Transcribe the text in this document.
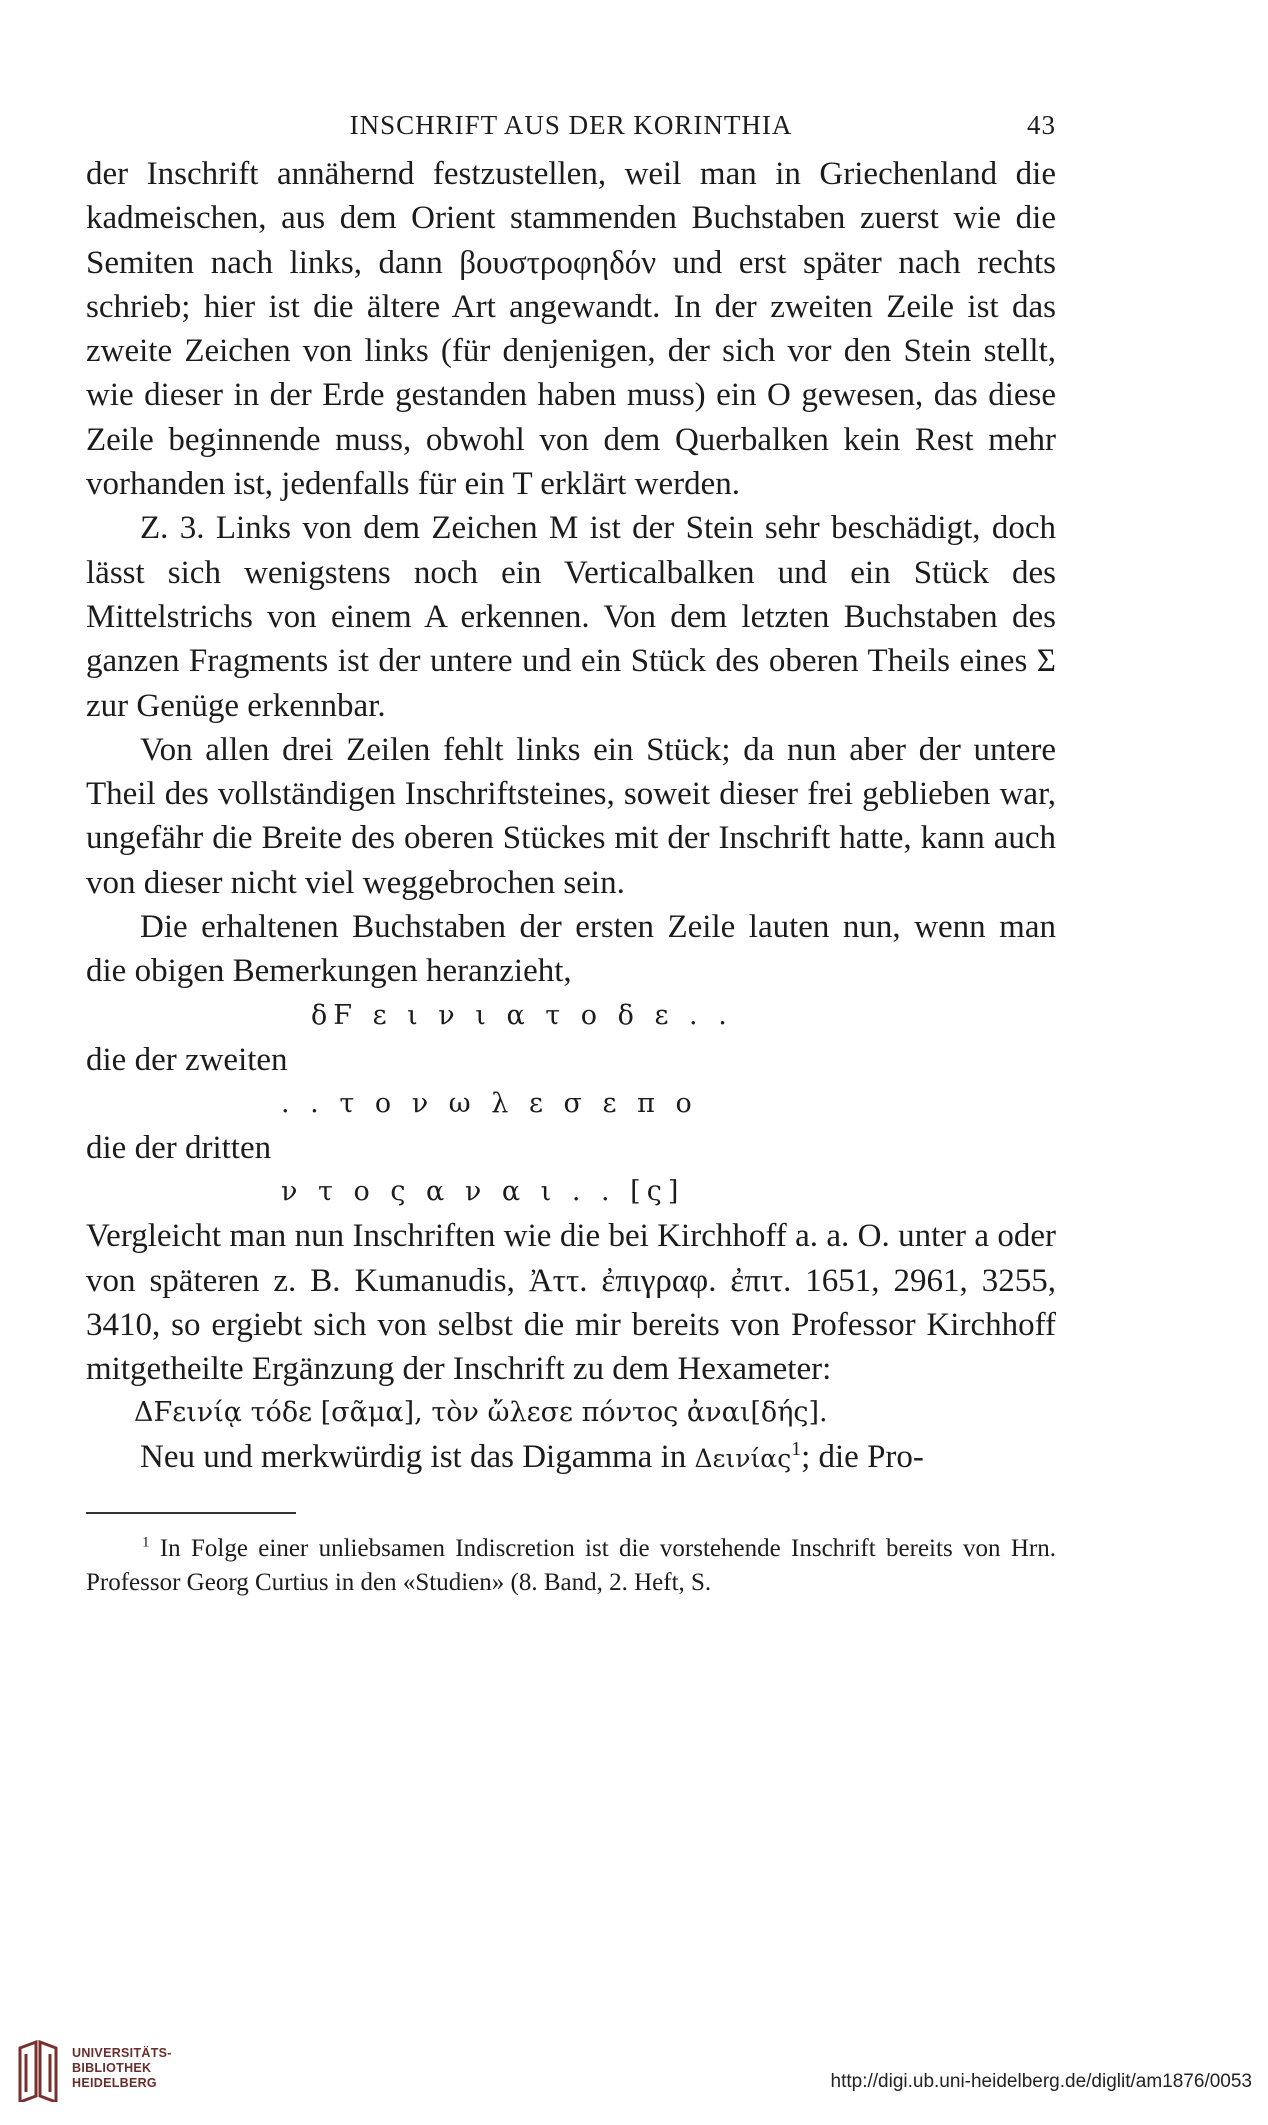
INSCHRIFT AUS DER KORINTHIA	43

der Inschrift annähernd festzustellen, weil man in Griechenland die kadmeischen, aus dem Orient stammenden Buchstaben zuerst wie die Semiten nach links, dann βουστροφηδόν und erst später nach rechts schrieb; hier ist die ältere Art angewandt. In der zweiten Zeile ist das zweite Zeichen von links (für denjenigen, der sich vor den Stein stellt, wie dieser in der Erde gestanden haben muss) ein O gewesen, das diese Zeile beginnende muss, obwohl von dem Querbalken kein Rest mehr vorhanden ist, jedenfalls für ein T erklärt werden.

Z. 3. Links von dem Zeichen M ist der Stein sehr beschädigt, doch lässt sich wenigstens noch ein Verticalbalken und ein Stück des Mittelstrichs von einem A erkennen. Von dem letzten Buchstaben des ganzen Fragments ist der untere und ein Stück des oberen Theils eines Σ zur Genüge erkennbar.

Von allen drei Zeilen fehlt links ein Stück; da nun aber der untere Theil des vollständigen Inschriftsteines, soweit dieser frei geblieben war, ungefähr die Breite des oberen Stückes mit der Inschrift hatte, kann auch von dieser nicht viel weggebrochen sein.

Die erhaltenen Buchstaben der ersten Zeile lauten nun, wenn man die obigen Bemerkungen heranzieht,

δϜ ε ι ν ι α τ ο δ ε . .

die der zweiten

. . τ ο ν ω λ ε σ ε π ο

die der dritten

ν τ ο ς α ν α ι . . [ς]

Vergleicht man nun Inschriften wie die bei Kirchhoff a. a. O. unter a oder von späteren z. B. Kumanudis, Ἀττ. ἐπιγραφ. ἐπιτ. 1651, 2961, 3255, 3410, so ergiebt sich von selbst die mir bereits von Professor Kirchhoff mitgetheilte Ergänzung der Inschrift zu dem Hexameter:

ΔϜεινίᾳ τόδε [σᾶμα], τὸν ὤλεσε πόντος ἀναι[δής].

Neu und merkwürdig ist das Digamma in Δεινίας$^1$; die Pro-

$^1$ In Folge einer unliebsamen Indiscretion ist die vorstehende Inschrift bereits von Hrn. Professor Georg Curtius in den «Studien» (8. Band, 2. Heft, S.
UNIVERSITÄTS-
BIBLIOTHEK
HEIDELBERG	http://digi.ub.uni-heidelberg.de/diglit/am1876/0053
